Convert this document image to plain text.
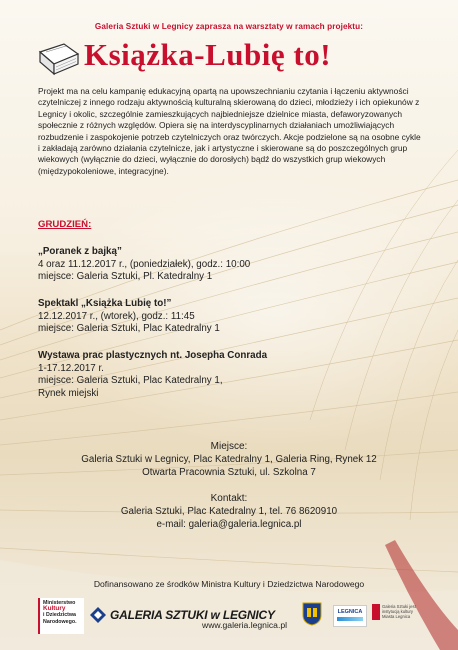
Galeria Sztuki w Legnicy zaprasza na warsztaty w ramach projektu:
Książka-Lubię to!
Projekt ma na celu kampanię edukacyjną opartą na upowszechnianiu czytania i łączeniu aktywności czytelniczej z innego rodzaju aktywnością kulturalną skierowaną do dzieci, młodzieży i ich opiekunów z Legnicy i okolic, szczególnie zamieszkujących najbiedniejsze dzielnice miasta, defaworyzowanych społecznie z różnych względów. Opiera się na interdyscyplinarnych działaniach umożliwiających rozbudzenie i zaspokojenie potrzeb czytelniczych oraz twórczych. Akcje podzielone są na osobne cykle i zakładają zarówno działania czytelnicze, jak i artystyczne i skierowane są do poszczególnych grup wiekowych (wyłącznie do dzieci, wyłącznie do dorosłych) bądź do wszystkich grup wiekowych (międzypokoleniowe, integracyjne).
GRUDZIEŃ:
„Poranek z bajką”
4 oraz 11.12.2017 r., (poniedziałek), godz.: 10:00
miejsce: Galeria Sztuki, Pl. Katedralny 1
Spektakl „Książka Lubię to!”
12.12.2017 r., (wtorek), godz.: 11:45
miejsce: Galeria Sztuki, Plac Katedralny 1
Wystawa prac plastycznych nt. Josepha Conrada
1-17.12.2017 r.
miejsce: Galeria Sztuki, Plac Katedralny 1,
Rynek miejski
Miejsce:
Galeria Sztuki w Legnicy, Plac Katedralny 1, Galeria Ring, Rynek 12
Otwarta Pracownia Sztuki, ul. Szkolna 7
Kontakt:
Galeria Sztuki, Plac Katedralny 1, tel. 76 8620910
e-mail: galeria@galeria.legnica.pl
Dofinansowano ze środków Ministra Kultury i Dziedzictwa Narodowego
Ministerstwo
Kultury
i Dziedzictwa
Narodowego.	GALERIA SZTUKI w LEGNICY
www.galeria.legnica.pl
LEGNICA
Galeria Sztuki jest instytucją kultury Miasta Legnica
